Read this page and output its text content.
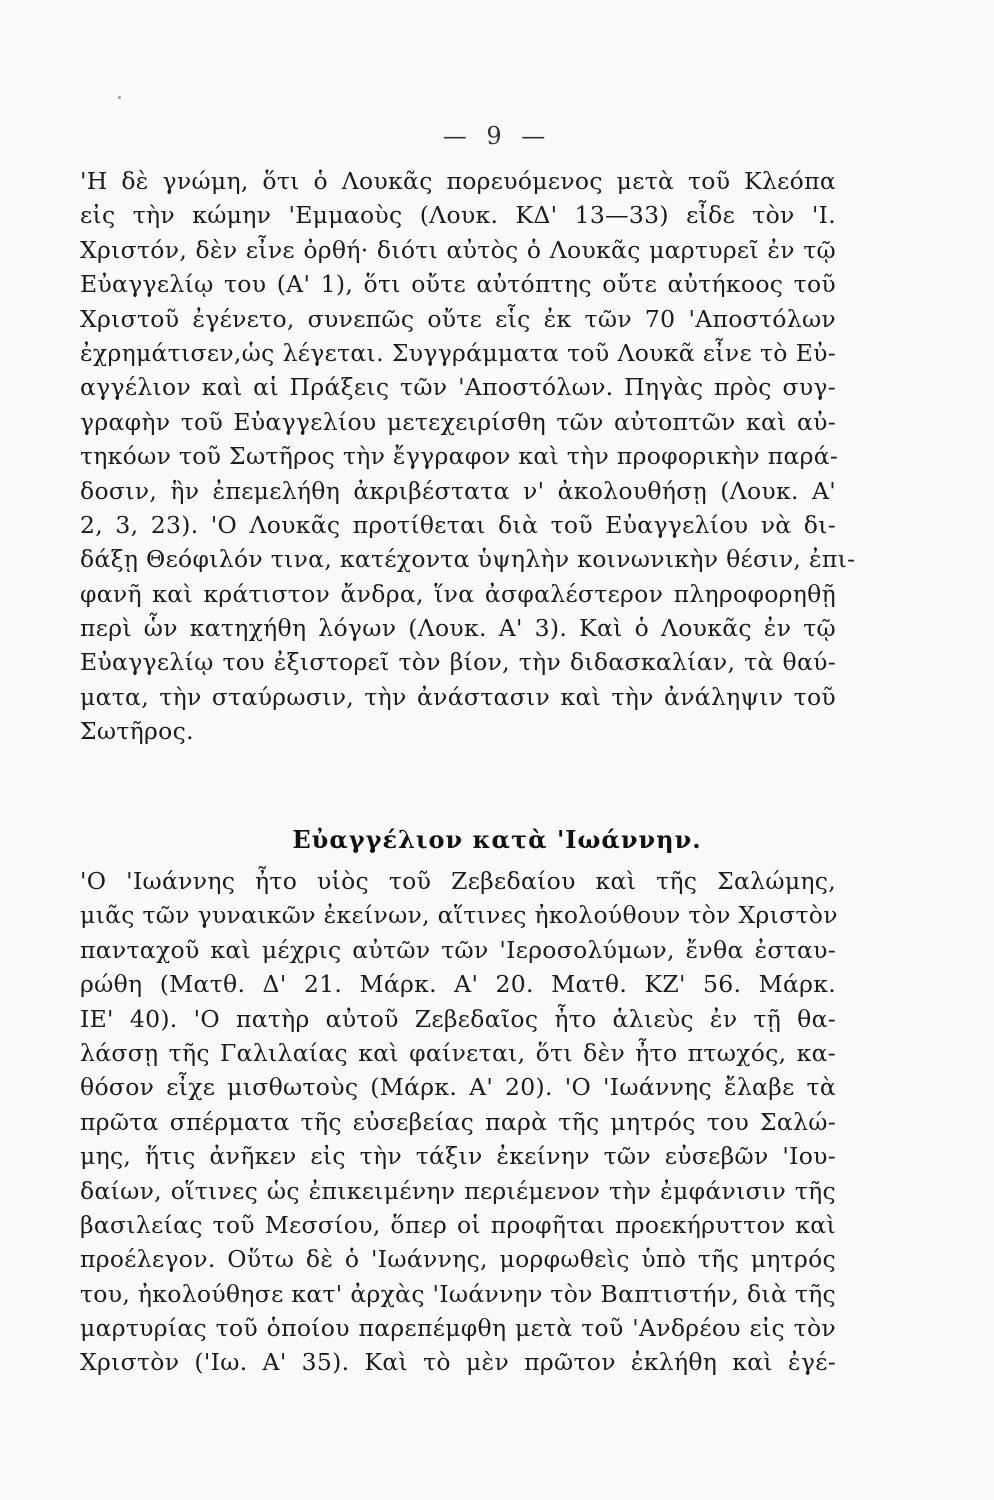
— 9 —
'Η δὲ γνώμη, ὅτι ὁ Λουκᾶς πορευόμενος μετὰ τοῦ Κλεόπα
εἰς τὴν κώμην 'Εμμαοὺς (Λουκ. ΚΔ' 13—33) εἶδε τὸν 'Ι.
Χριστόν, δὲν εἶνε ὀρθή· διότι αὐτὸς ὁ Λουκᾶς μαρτυρεῖ ἐν τῷ
Εὐαγγελίῳ του (Α' 1), ὅτι οὔτε αὐτόπτης οὔτε αὐτήκοος τοῦ
Χριστοῦ ἐγένετο, συνεπῶς οὔτε εἷς ἐκ τῶν 70 'Αποστόλων
ἐχρημάτισεν,ὡς λέγεται. Συγγράμματα τοῦ Λουκᾶ εἶνε τὸ Εὐ-
αγγέλιον καὶ αἱ Πράξεις τῶν 'Αποστόλων. Πηγὰς πρὸς συγ-
γραφὴν τοῦ Εὐαγγελίου μετεχειρίσθη τῶν αὐτοπτῶν καὶ αὐ-
τηκόων τοῦ Σωτῆρος τὴν ἔγγραφον καὶ τὴν προφορικὴν παρά-
δοσιν, ἣν ἐπεμελήθη ἀκριβέστατα ν' ἀκολουθήσῃ (Λουκ. Α'
2, 3, 23). 'Ο Λουκᾶς προτίθεται διὰ τοῦ Εὐαγγελίου νὰ δι-
δάξῃ Θεόφιλόν τινα, κατέχοντα ὑψηλὴν κοινωνικὴν θέσιν, ἐπι-
φανῆ καὶ κράτιστον ἄνδρα, ἵνα ἀσφαλέστερον πληροφορηθῇ
περὶ ὧν κατηχήθη λόγων (Λουκ. Α' 3). Καὶ ὁ Λουκᾶς ἐν τῷ
Εὐαγγελίῳ του ἐξιστορεῖ τὸν βίον, τὴν διδασκαλίαν, τὰ θαύ-
ματα, τὴν σταύρωσιν, τὴν ἀνάστασιν καὶ τὴν ἀνάληψιν τοῦ
Σωτῆρος.
Εὐαγγέλιον κατὰ 'Ιωάννην.
'Ο 'Ιωάννης ἦτο υἱὸς τοῦ Ζεβεδαίου καὶ τῆς Σαλώμης,
μιᾶς τῶν γυναικῶν ἐκείνων, αἵτινες ἠκολούθουν τὸν Χριστὸν
πανταχοῦ καὶ μέχρις αὐτῶν τῶν 'Ιεροσολύμων, ἔνθα ἐσταυ-
ρώθη (Ματθ. Δ' 21. Μάρκ. Α' 20. Ματθ. ΚΖ' 56. Μάρκ.
ΙΕ' 40). 'Ο πατὴρ αὐτοῦ Ζεβεδαῖος ἦτο ἁλιεὺς ἐν τῇ θα-
λάσσῃ τῆς Γαλιλαίας καὶ φαίνεται, ὅτι δὲν ἦτο πτωχός, κα-
θόσον εἶχε μισθωτοὺς (Μάρκ. Α' 20). 'Ο 'Ιωάννης ἔλαβε τὰ
πρῶτα σπέρματα τῆς εὐσεβείας παρὰ τῆς μητρός του Σαλώ-
μης, ἥτις ἀνῆκεν εἰς τὴν τάξιν ἐκείνην τῶν εὐσεβῶν 'Ιου-
δαίων, οἵτινες ὡς ἐπικειμένην περιέμενον τὴν ἐμφάνισιν τῆς
βασιλείας τοῦ Μεσσίου, ὅπερ οἱ προφῆται προεκήρυττον καὶ
προέλεγον. Οὕτω δὲ ὁ 'Ιωάννης, μορφωθεὶς ὑπὸ τῆς μητρός
του, ἠκολούθησε κατ' ἀρχὰς 'Ιωάννην τὸν Βαπτιστήν, διὰ τῆς
μαρτυρίας τοῦ ὁποίου παρεπέμφθη μετὰ τοῦ 'Ανδρέου εἰς τὸν
Χριστὸν ('Ιω. Α' 35). Καὶ τὸ μὲν πρῶτον ἐκλήθη καὶ ἐγέ-
